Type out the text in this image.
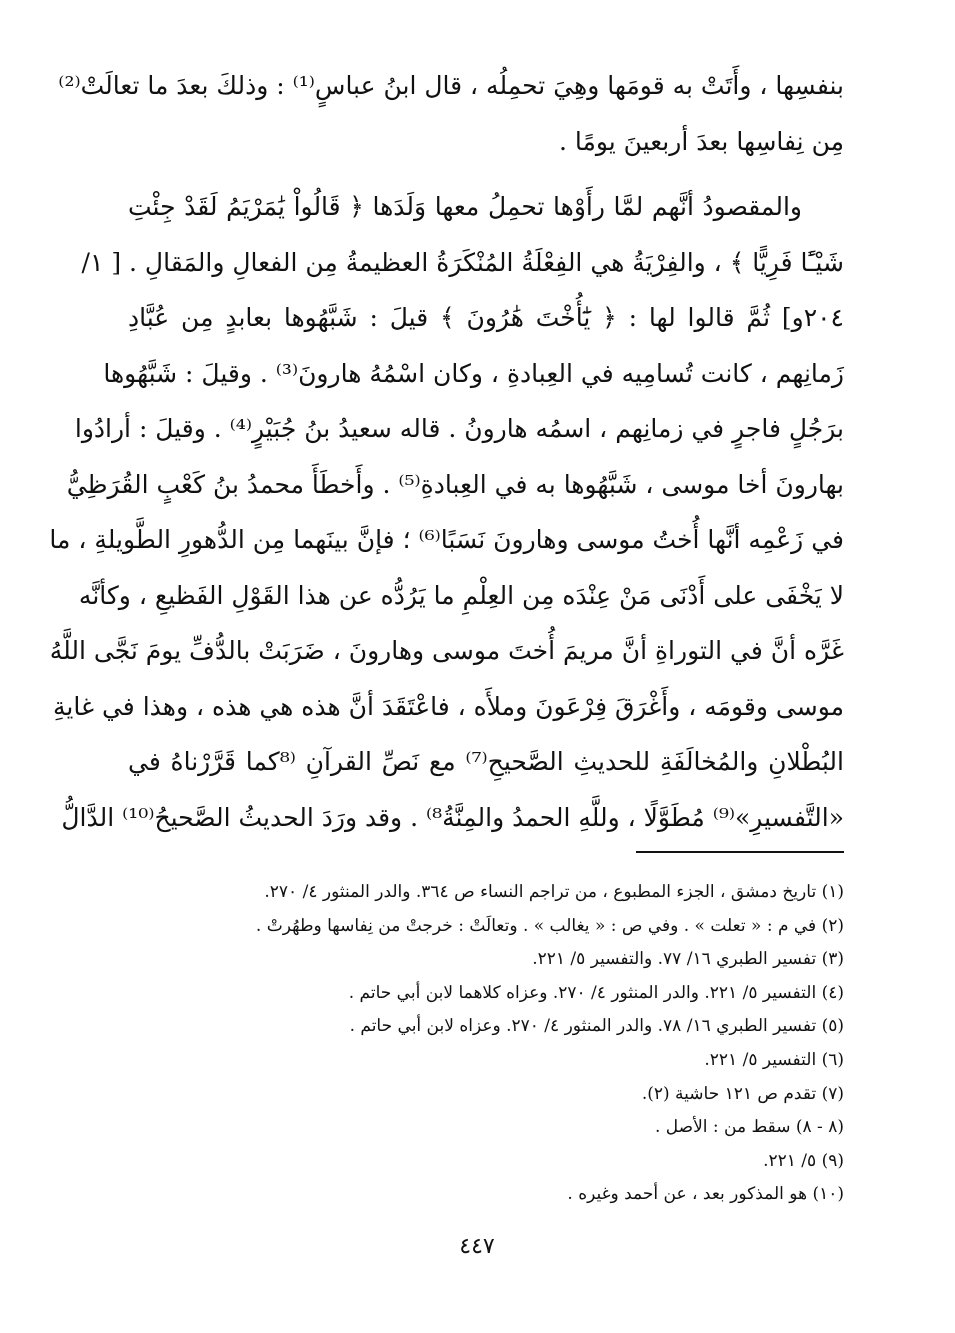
بنفسِها ، وأَتَتْ به قومَها وهِيَ تحمِلُه ، قال ابنُ عباسٍ⁽¹⁾ : وذلكَ بعدَ ما تعالَتْ⁽²⁾
مِن نِفاسِها بعدَ أربعينَ يومًا .
والمقصودُ أنَّهم لمَّا رأَوْها تحمِلُ معها وَلَدَها ﴿ قَالُواْ يَٰمَرْيَمُ لَقَدْ جِئْتِ
شَيْـًٔا فَرِيًّا ﴾ ، والفِرْيَةُ هي الفِعْلَةُ المُنْكَرَةُ العظيمةُ مِن الفعالِ والمَقالِ . [ ١/
٢٠٤و] ثُمَّ قالوا لها : ﴿ يَٰٓأُخْتَ هَٰرُونَ ﴾ قيلَ : شَبَّهُوها بعابدٍ مِن عُبَّادِ
زَمانِهم ، كانت تُسامِيه في العِبادةِ ، وكان اسْمُهُ هارونَ⁽³⁾ . وقيلَ : شَبَّهُوها
برَجُلٍ فاجرٍ في زمانِهم ، اسمُه هارونُ . قاله سعيدُ بنُ جُبَيْرٍ⁽⁴⁾ . وقيلَ : أرادُوا
بهارونَ أخا موسى ، شَبَّهُوها به في العِبادةِ⁽⁵⁾ . وأَخطَأَ محمدُ بنُ كَعْبٍ القُرَظِيُّ
في زَعْمِه أنَّها أُختُ موسى وهارونَ نَسَبًا⁽⁶⁾ ؛ فإنَّ بينَهما مِن الدُّهورِ الطَّويلةِ ، ما
لا يَخْفَى على أَدْنَى مَنْ عِنْدَه مِن العِلْمِ ما يَرُدُّه عن هذا القَوْلِ الفَظيعِ ، وكأنَّه
غَرَّه أنَّ في التوراةِ أنَّ مريمَ أُختَ موسى وهارونَ ، ضَرَبَتْ بالدُّفِّ يومَ نَجَّى اللَّهُ
موسى وقومَه ، وأَغْرَقَ فِرْعَونَ وملأَه ، فاعْتَقَدَ أنَّ هذه هي هذه ، وهذا في غايةِ
البُطْلانِ والمُخالَفَةِ للحديثِ الصَّحيحِ⁽⁷⁾ مع نَصِّ القرآنِ ⁽⁸كما قَرَّرْناهُ في
«التَّفسيرِ»⁽⁹⁾ مُطَوَّلًا ، وللَّهِ الحمدُ والمِنَّةُ⁸⁾ . وقد ورَدَ الحديثُ الصَّحيحُ⁽¹⁰⁾ الدَّالُّ
(١) تاريخ دمشق ، الجزء المطبوع ، من تراجم النساء ص ٣٦٤. والدر المنثور ٤/ ٢٧٠.
(٢) في م : « تعلت » . وفي ص : « يغالب » . وتعالَتْ : خرجتْ من نِفاسها وطهُرتْ .
(٣) تفسير الطبري ١٦/ ٧٧. والتفسير ٥/ ٢٢١.
(٤) التفسير ٥/ ٢٢١. والدر المنثور ٤/ ٢٧٠. وعزاه كلاهما لابن أبي حاتم .
(٥) تفسير الطبري ١٦/ ٧٨. والدر المنثور ٤/ ٢٧٠. وعزاه لابن أبي حاتم .
(٦) التفسير ٥/ ٢٢١.
(٧) تقدم ص ١٢١ حاشية (٢).
(٨ - ٨) سقط من : الأصل .
(٩) ٥/ ٢٢١.
(١٠) هو المذكور بعد ، عن أحمد وغيره .
٤٤٧
